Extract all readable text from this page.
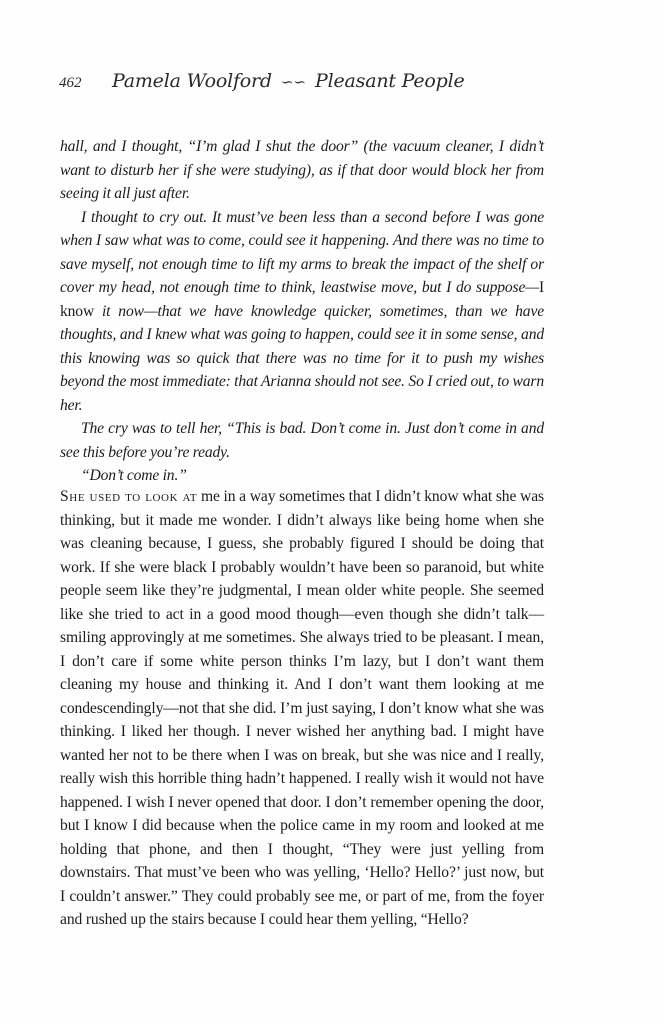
462	Pamela Woolford ∽∽ Pleasant People

hall, and I thought, “I’m glad I shut the door” (the vacuum cleaner, I didn’t want to disturb her if she were studying), as if that door would block her from seeing it all just after.

I thought to cry out. It must’ve been less than a second before I was gone when I saw what was to come, could see it happening. And there was no time to save myself, not enough time to lift my arms to break the impact of the shelf or cover my head, not enough time to think, leastwise move, but I do suppose—I know it now—that we have knowledge quicker, sometimes, than we have thoughts, and I knew what was going to happen, could see it in some sense, and this knowing was so quick that there was no time for it to push my wishes beyond the most immediate: that Arianna should not see. So I cried out, to warn her.

The cry was to tell her, “This is bad. Don’t come in. Just don’t come in and see this before you’re ready.

“Don’t come in.”

She used to look at me in a way sometimes that I didn’t know what she was thinking, but it made me wonder. I didn’t always like being home when she was cleaning because, I guess, she probably figured I should be doing that work. If she were black I probably wouldn’t have been so paranoid, but white people seem like they’re judgmental, I mean older white people. She seemed like she tried to act in a good mood though—even though she didn’t talk—smiling approvingly at me sometimes. She always tried to be pleasant. I mean, I don’t care if some white person thinks I’m lazy, but I don’t want them cleaning my house and thinking it. And I don’t want them looking at me condescendingly—not that she did. I’m just saying, I don’t know what she was thinking. I liked her though. I never wished her anything bad. I might have wanted her not to be there when I was on break, but she was nice and I really, really wish this horrible thing hadn’t happened. I really wish it would not have happened. I wish I never opened that door. I don’t remember opening the door, but I know I did because when the police came in my room and looked at me holding that phone, and then I thought, “They were just yelling from downstairs. That must’ve been who was yelling, ‘Hello? Hello?’ just now, but I couldn’t answer.” They could probably see me, or part of me, from the foyer and rushed up the stairs because I could hear them yelling, “Hello?
